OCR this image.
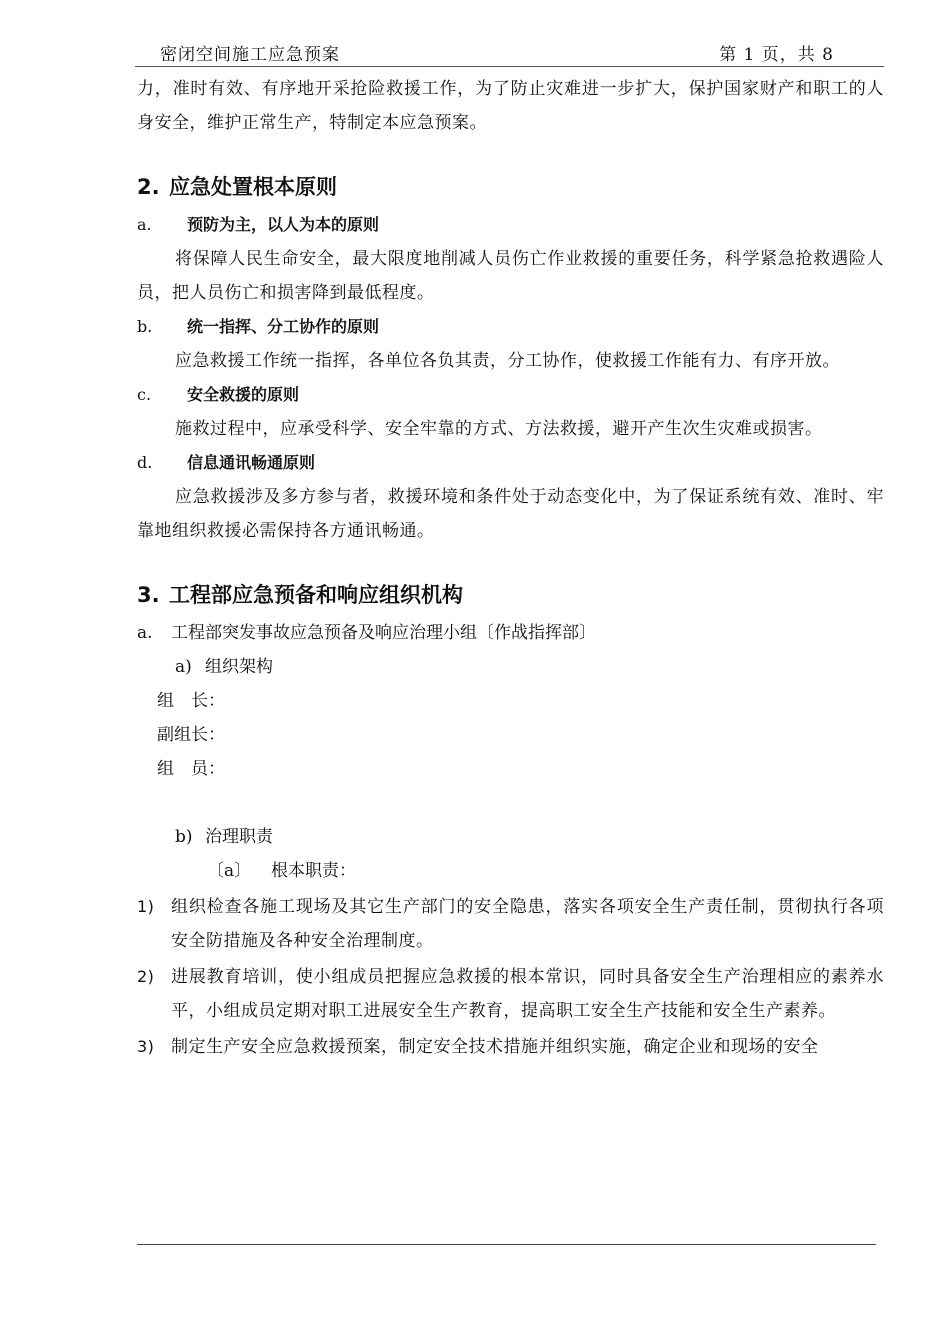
密闭空间施工应急预案	第 1 页，共 8

力，准时有效、有序地开采抢险救援工作，为了防止灾难进一步扩大，保护国家财产和职工的人身安全，维护正常生产，特制定本应急预案。

2. 应急处置根本原则
a. 预防为主，以人为本的原则

将保障人民生命安全，最大限度地削减人员伤亡作业救援的重要任务，科学紧急抢救遇险人员，把人员伤亡和损害降到最低程度。

b. 统一指挥、分工协作的原则

应急救援工作统一指挥，各单位各负其责，分工协作，使救援工作能有力、有序开放。

c. 安全救援的原则

施救过程中，应承受科学、安全牢靠的方式、方法救援，避开产生次生灾难或损害。

d. 信息通讯畅通原则

应急救援涉及多方参与者，救援环境和条件处于动态变化中，为了保证系统有效、准时、牢靠地组织救援必需保持各方通讯畅通。

3. 工程部应急预备和响应组织机构
a. 工程部突发事故应急预备及响应治理小组〔作战指挥部〕
a) 组织架构
组　长：
副组长：
组　员：
b) 治理职责
〔a〕 根本职责：
1) 组织检查各施工现场及其它生产部门的安全隐患，落实各项安全生产责任制，贯彻执行各项安全防措施及各种安全治理制度。
2) 进展教育培训，使小组成员把握应急救援的根本常识，同时具备安全生产治理相应的素养水平，小组成员定期对职工进展安全生产教育，提高职工安全生产技能和安全生产素养。
3) 制定生产安全应急救援预案，制定安全技术措施并组织实施，确定企业和现场的安全
